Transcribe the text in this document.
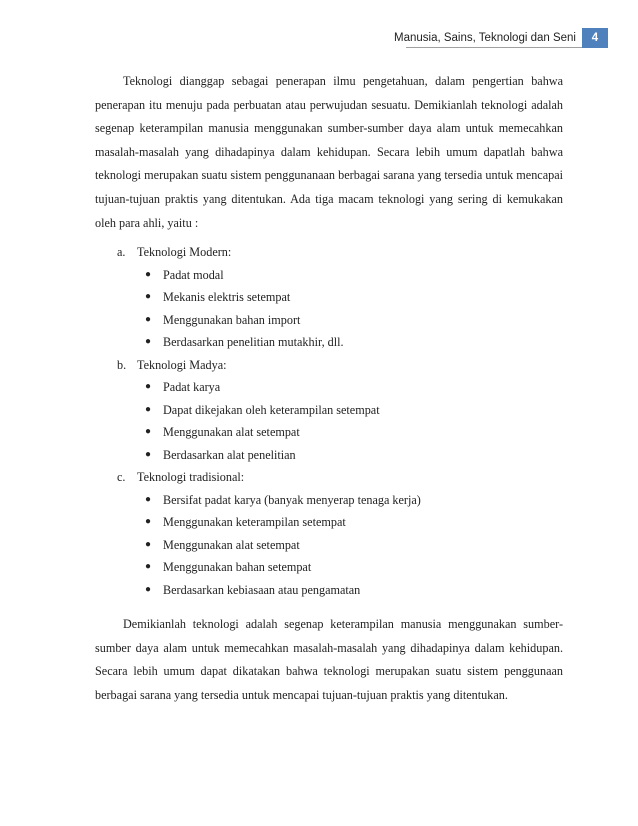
Manusia, Sains, Teknologi dan Seni	4

Teknologi dianggap sebagai penerapan ilmu pengetahuan, dalam pengertian bahwa penerapan itu menuju pada perbuatan atau perwujudan sesuatu. Demikianlah teknologi adalah segenap keterampilan manusia menggunakan sumber-sumber daya alam untuk memecahkan masalah-masalah yang dihadapinya dalam kehidupan. Secara lebih umum dapatlah bahwa teknologi merupakan suatu sistem penggunanaan berbagai sarana yang tersedia untuk mencapai tujuan-tujuan praktis yang ditentukan. Ada tiga macam teknologi yang sering di kemukakan oleh para ahli, yaitu :

a. Teknologi Modern:
● Padat modal
● Mekanis elektris setempat
● Menggunakan bahan import
● Berdasarkan penelitian mutakhir, dll.
b. Teknologi Madya:
● Padat karya
● Dapat dikejakan oleh keterampilan setempat
● Menggunakan alat setempat
● Berdasarkan alat penelitian
c. Teknologi tradisional:
● Bersifat padat karya (banyak menyerap tenaga kerja)
● Menggunakan keterampilan setempat
● Menggunakan alat setempat
● Menggunakan bahan setempat
● Berdasarkan kebiasaan atau pengamatan

Demikianlah teknologi adalah segenap keterampilan manusia menggunakan sumber-sumber daya alam untuk memecahkan masalah-masalah yang dihadapinya dalam kehidupan. Secara lebih umum dapat dikatakan bahwa teknologi merupakan suatu sistem penggunaan berbagai sarana yang tersedia untuk mencapai tujuan-tujuan praktis yang ditentukan.
